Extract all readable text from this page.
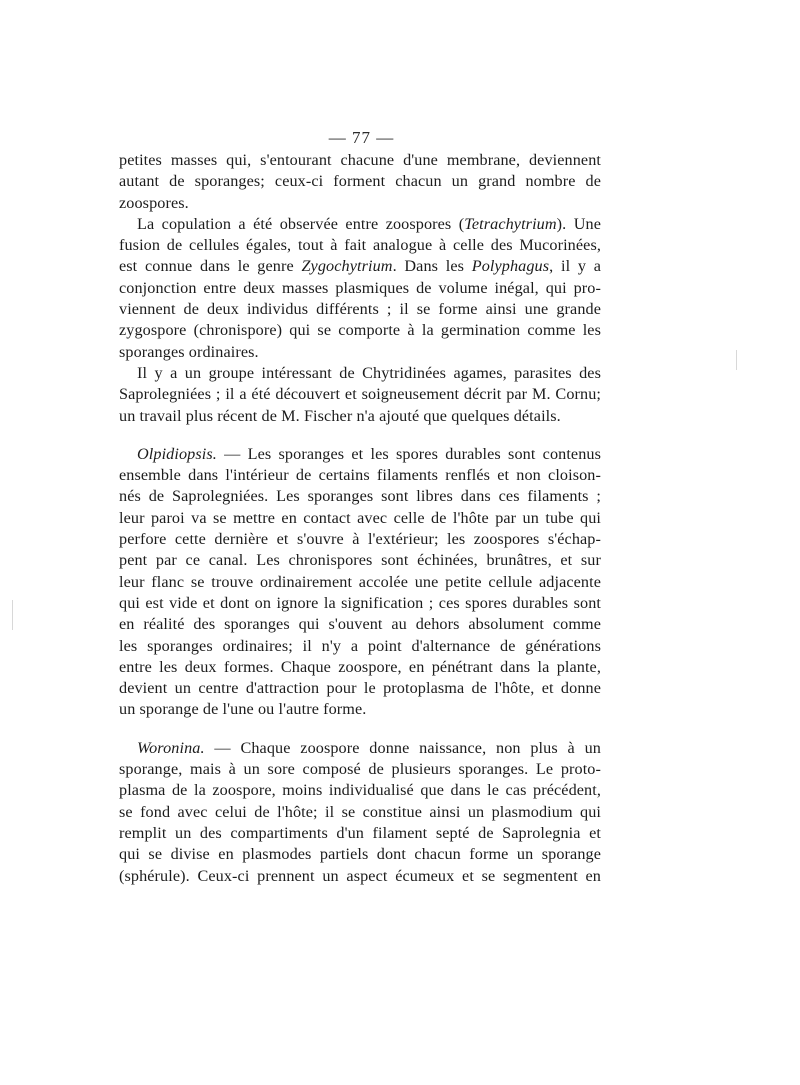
— 77 —
petites masses qui, s'entourant chacune d'une membrane, deviennent
autant de sporanges; ceux-ci forment chacun un grand nombre de
zoospores.
La copulation a été observée entre zoospores (Tetrachytrium). Une
fusion de cellules égales, tout à fait analogue à celle des Mucorinées,
est connue dans le genre Zygochytrium. Dans les Polyphagus, il y a
conjonction entre deux masses plasmiques de volume inégal, qui pro-
viennent de deux individus différents ; il se forme ainsi une grande
zygospore (chronispore) qui se comporte à la germination comme les
sporanges ordinaires.
Il y a un groupe intéressant de Chytridinées agames, parasites des
Saprolegniées ; il a été découvert et soigneusement décrit par M. Cornu;
un travail plus récent de M. Fischer n'a ajouté que quelques détails.
Olpidiopsis. — Les sporanges et les spores durables sont contenus
ensemble dans l'intérieur de certains filaments renflés et non cloison-
nés de Saprolegniées. Les sporanges sont libres dans ces filaments ;
leur paroi va se mettre en contact avec celle de l'hôte par un tube qui
perfore cette dernière et s'ouvre à l'extérieur; les zoospores s'échap-
pent par ce canal. Les chronispores sont échinées, brunâtres, et sur
leur flanc se trouve ordinairement accolée une petite cellule adjacente
qui est vide et dont on ignore la signification ; ces spores durables sont
en réalité des sporanges qui s'ouvent au dehors absolument comme
les sporanges ordinaires; il n'y a point d'alternance de générations
entre les deux formes. Chaque zoospore, en pénétrant dans la plante,
devient un centre d'attraction pour le protoplasma de l'hôte, et donne
un sporange de l'une ou l'autre forme.
Woronina. — Chaque zoospore donne naissance, non plus à un
sporange, mais à un sore composé de plusieurs sporanges. Le proto-
plasma de la zoospore, moins individualisé que dans le cas précédent,
se fond avec celui de l'hôte; il se constitue ainsi un plasmodium qui
remplit un des compartiments d'un filament septé de Saprolegnia et
qui se divise en plasmodes partiels dont chacun forme un sporange
(sphérule). Ceux-ci prennent un aspect écumeux et se segmentent en
